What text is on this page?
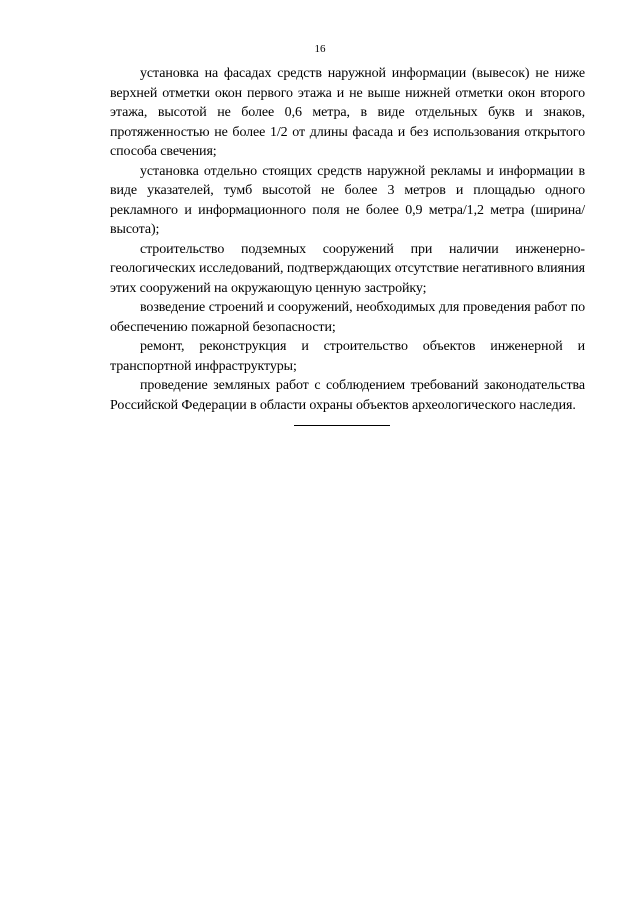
16

установка на фасадах средств наружной информации (вывесок) не ниже верхней отметки окон первого этажа и не выше нижней отметки окон второго этажа, высотой не более 0,6 метра, в виде отдельных букв и знаков, протяженностью не более 1/2 от длины фасада и без использования открытого способа свечения;

установка отдельно стоящих средств наружной рекламы и информации в виде указателей, тумб высотой не более 3 метров и площадью одного рекламного и информационного поля не более 0,9 метра/1,2 метра (ширина/высота);

строительство подземных сооружений при наличии инженерно-геологических исследований, подтверждающих отсутствие негативного влияния этих сооружений на окружающую ценную застройку;

возведение строений и сооружений, необходимых для проведения работ по обеспечению пожарной безопасности;

ремонт, реконструкция и строительство объектов инженерной и транспортной инфраструктуры;

проведение земляных работ с соблюдением требований законодательства Российской Федерации в области охраны объектов археологического наследия.
